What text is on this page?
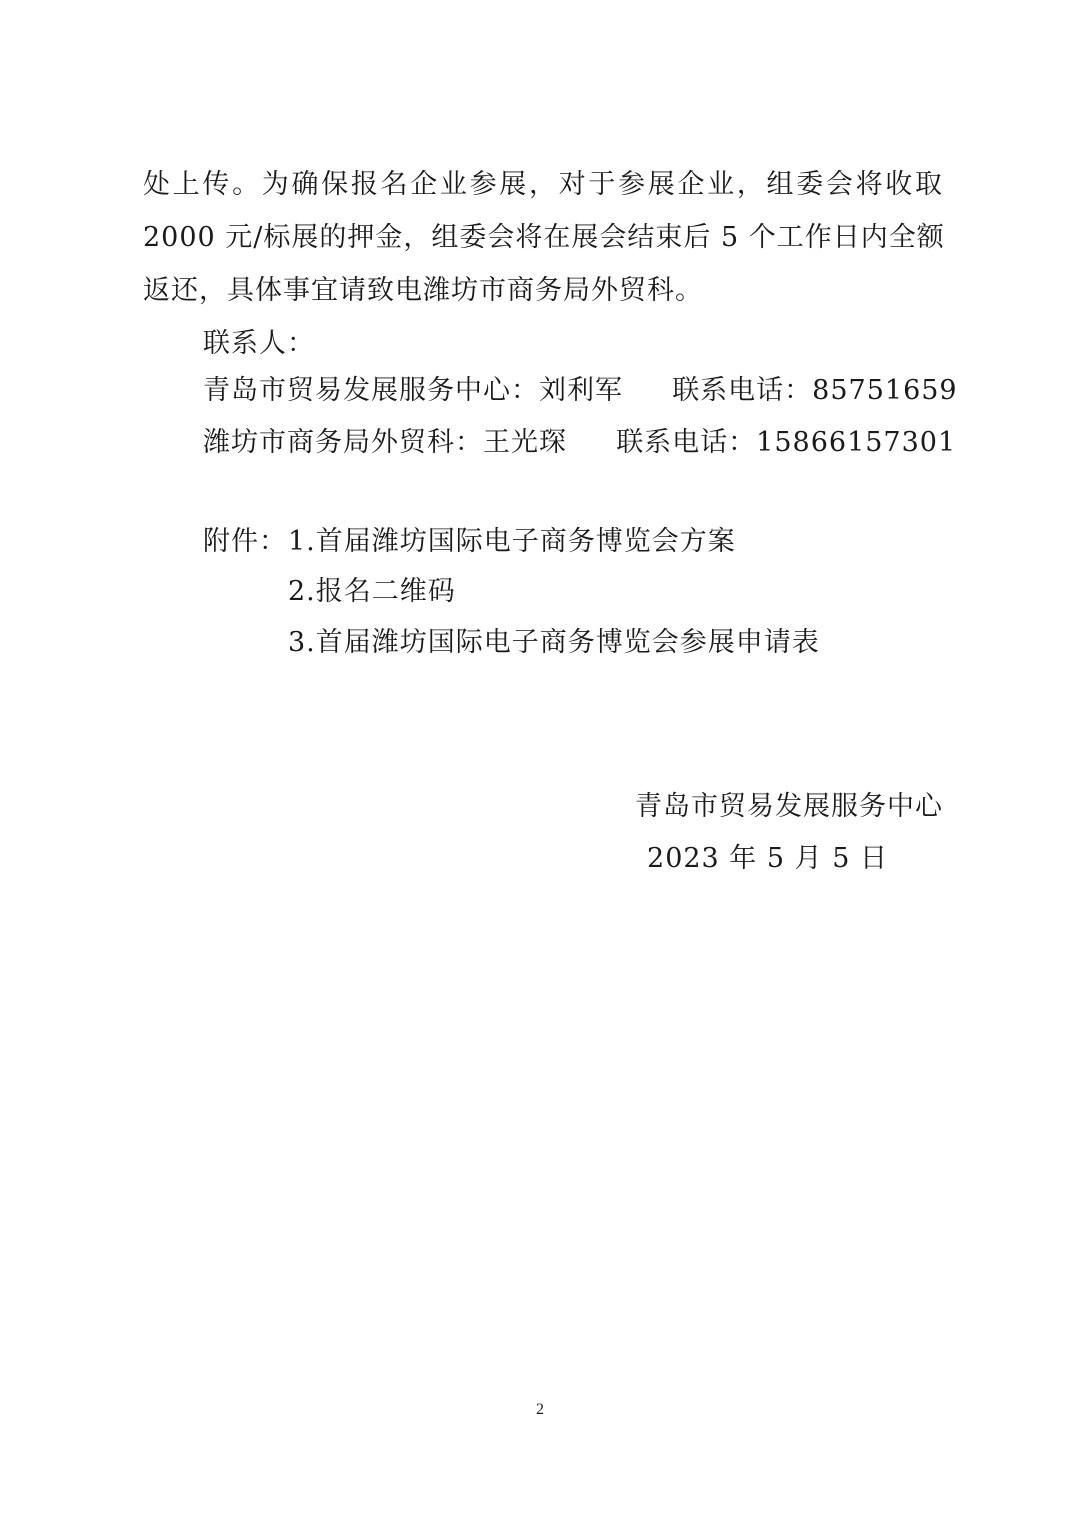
处上传。为确保报名企业参展，对于参展企业，组委会将收取
2000 元/标展的押金，组委会将在展会结束后 5 个工作日内全额
返还，具体事宜请致电潍坊市商务局外贸科。
联系人：
青岛市贸易发展服务中心：刘利军 联系电话：85751659
潍坊市商务局外贸科：王光琛 联系电话：15866157301
附件： 1.首届潍坊国际电子商务博览会方案
2.报名二维码
3.首届潍坊国际电子商务博览会参展申请表
青岛市贸易发展服务中心
2023 年 5 月 5 日
2
